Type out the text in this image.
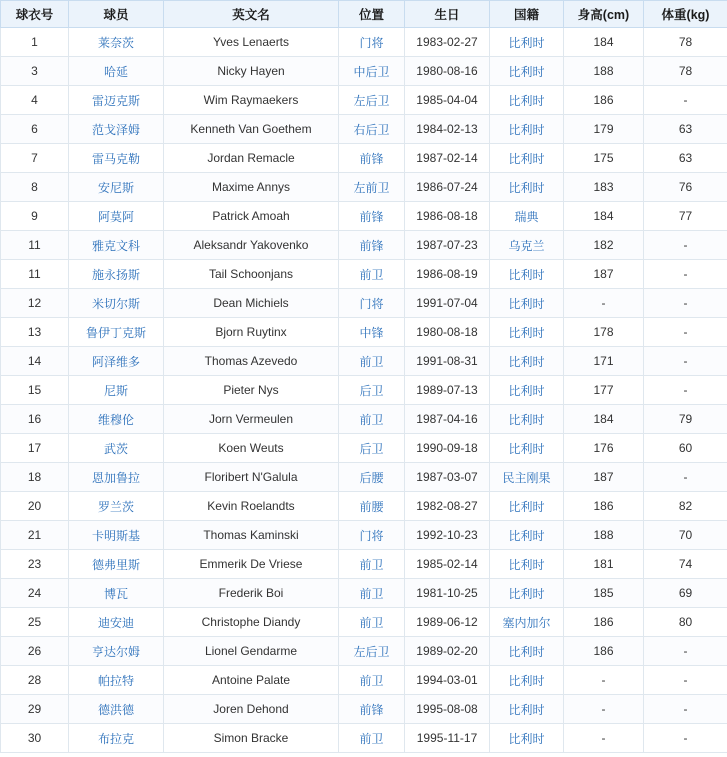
球衣号	球员	英文名	位置	生日	国籍	身高(cm)	体重(kg)
1	莱奈茨	Yves Lenaerts	门将	1983-02-27	比利时	184	78
3	哈延	Nicky Hayen	中后卫	1980-08-16	比利时	188	78
4	雷迈克斯	Wim Raymaekers	左后卫	1985-04-04	比利时	186	-
6	范戈泽姆	Kenneth Van Goethem	右后卫	1984-02-13	比利时	179	63
7	雷马克勒	Jordan Remacle	前锋	1987-02-14	比利时	175	63
8	安尼斯	Maxime Annys	左前卫	1986-07-24	比利时	183	76
9	阿莫阿	Patrick Amoah	前锋	1986-08-18	瑞典	184	77
11	雅克文科	Aleksandr Yakovenko	前锋	1987-07-23	乌克兰	182	-
11	施永扬斯	Tail Schoonjans	前卫	1986-08-19	比利时	187	-
12	米切尔斯	Dean Michiels	门将	1991-07-04	比利时	-	-
13	鲁伊丁克斯	Bjorn Ruytinx	中锋	1980-08-18	比利时	178	-
14	阿泽维多	Thomas Azevedo	前卫	1991-08-31	比利时	171	-
15	尼斯	Pieter Nys	后卫	1989-07-13	比利时	177	-
16	维穆伦	Jorn Vermeulen	前卫	1987-04-16	比利时	184	79
17	武茨	Koen Weuts	后卫	1990-09-18	比利时	176	60
18	恩加鲁拉	Floribert N'Galula	后腰	1987-03-07	民主刚果	187	-
20	罗兰茨	Kevin Roelandts	前腰	1982-08-27	比利时	186	82
21	卡明斯基	Thomas Kaminski	门将	1992-10-23	比利时	188	70
23	德弗里斯	Emmerik De Vriese	前卫	1985-02-14	比利时	181	74
24	博瓦	Frederik Boi	前卫	1981-10-25	比利时	185	69
25	迪安迪	Christophe Diandy	前卫	1989-06-12	塞内加尔	186	80
26	亨达尔姆	Lionel Gendarme	左后卫	1989-02-20	比利时	186	-
28	帕拉特	Antoine Palate	前卫	1994-03-01	比利时	-	-
29	德洪德	Joren Dehond	前锋	1995-08-08	比利时	-	-
30	布拉克	Simon Bracke	前卫	1995-11-17	比利时	-	-
